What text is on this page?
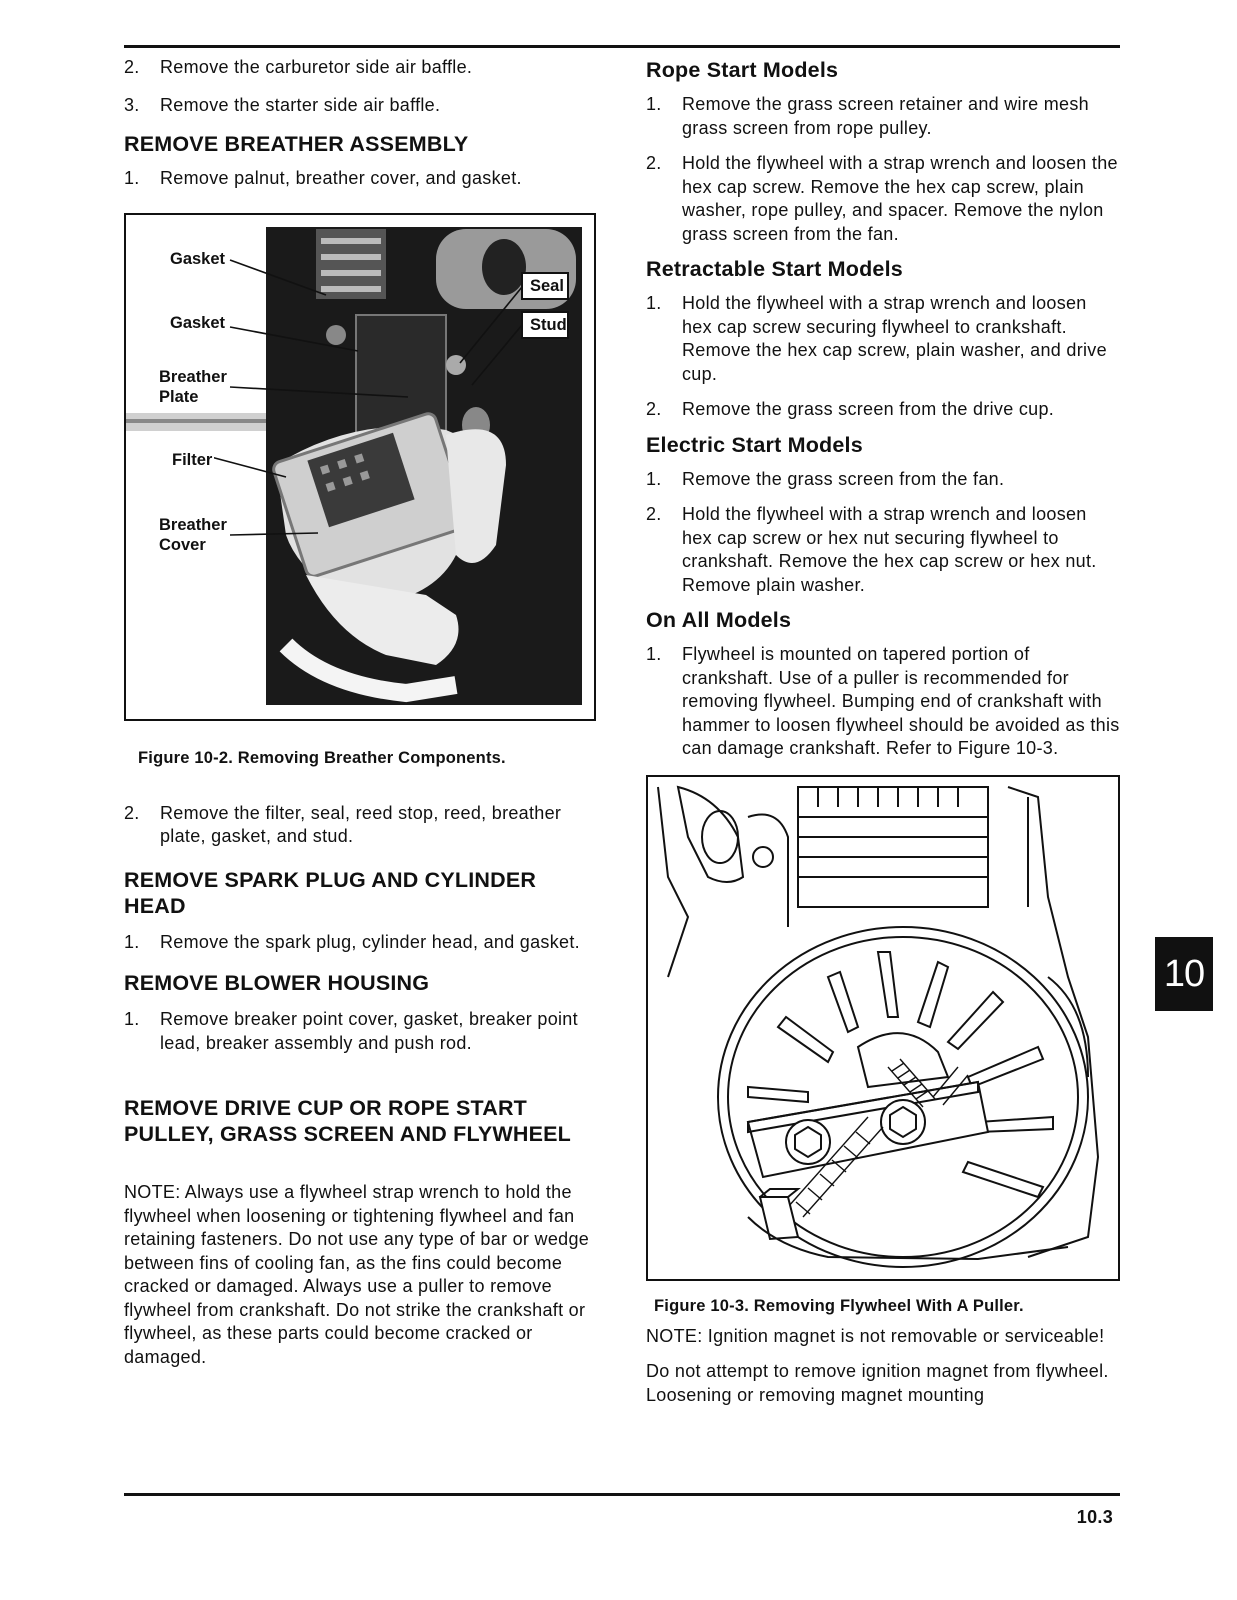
2.	Remove the carburetor side air baffle.
3.	Remove the starter side air baffle.
REMOVE BREATHER ASSEMBLY
1.	Remove palnut, breather cover, and gasket.
Gasket
Gasket
Breather
Plate
Filter
Breather
Cover
Seal
Stud

Figure 10-2. Removing Breather Components.

2.	Remove the filter, seal, reed stop, reed, breather plate, gasket, and stud.
REMOVE SPARK PLUG AND CYLINDER
HEAD
1.	Remove the spark plug, cylinder head, and gasket.
REMOVE BLOWER HOUSING
1.	Remove breaker point cover, gasket, breaker point lead, breaker assembly and push rod.
REMOVE DRIVE CUP OR ROPE START
PULLEY, GRASS SCREEN AND FLYWHEEL

NOTE: Always use a flywheel strap wrench to hold the flywheel when loosening or tightening flywheel and fan retaining fasteners. Do not use any type of bar or wedge between fins of cooling fan, as the fins could become cracked or damaged. Always use a puller to remove flywheel from crankshaft. Do not strike the crankshaft or flywheel, as these parts could become cracked or damaged.

Rope Start Models
1.	Remove the grass screen retainer and wire mesh grass screen from rope pulley.
2.	Hold the flywheel with a strap wrench and loosen the hex cap screw. Remove the hex cap screw, plain washer, rope pulley, and spacer. Remove the nylon grass screen from the fan.
Retractable Start Models
1.	Hold the flywheel with a strap wrench and loosen hex cap screw securing flywheel to crankshaft. Remove the hex cap screw, plain washer, and drive cup.
2.	Remove the grass screen from the drive cup.
Electric Start Models
1.	Remove the grass screen from the fan.
2.	Hold the flywheel with a strap wrench and loosen hex cap screw or hex nut securing flywheel to crankshaft. Remove the hex cap screw or hex nut. Remove plain washer.
On All Models
1.	Flywheel is mounted on tapered portion of crankshaft. Use of a puller is recommended for removing flywheel. Bumping end of crankshaft with hammer to loosen flywheel should be avoided as this can damage crankshaft. Refer to Figure 10-3.

Figure 10-3. Removing Flywheel With A Puller.

NOTE: Ignition magnet is not removable or serviceable!

Do not attempt to remove ignition magnet from flywheel. Loosening or removing magnet mounting

10
10.3
